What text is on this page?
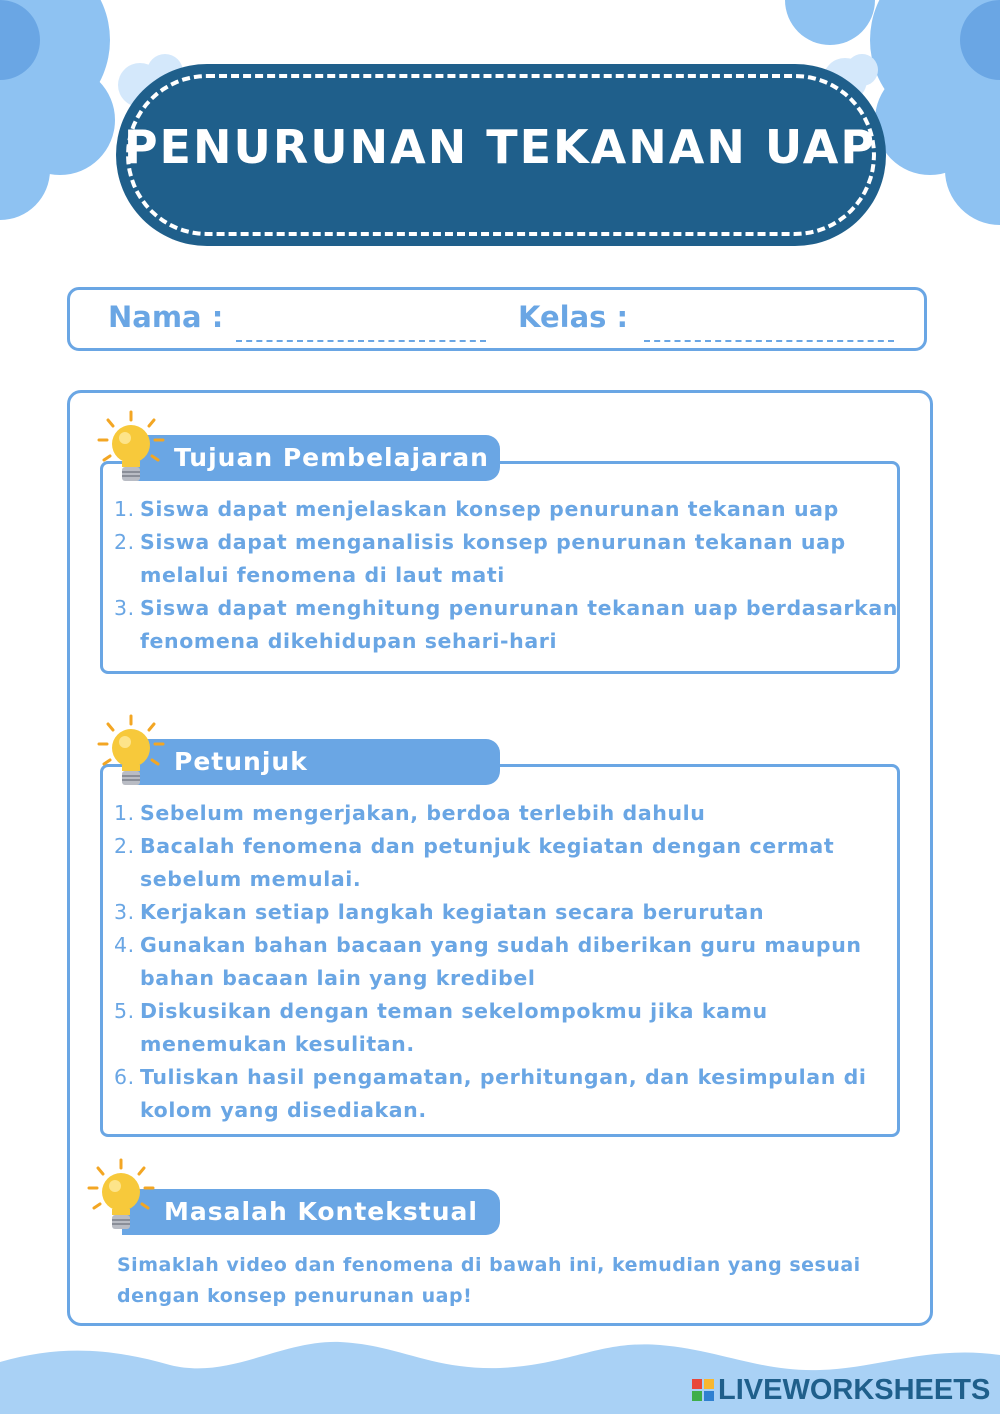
PENURUNAN TEKANAN UAP
Nama :	Kelas :
Tujuan Pembelajaran
1. Siswa dapat menjelaskan konsep penurunan tekanan uap
2. Siswa dapat menganalisis konsep penurunan tekanan uap melalui fenomena di laut mati
3. Siswa dapat menghitung penurunan tekanan uap berdasarkan fenomena dikehidupan sehari-hari
Petunjuk
1. Sebelum mengerjakan, berdoa terlebih dahulu
2. Bacalah fenomena dan petunjuk kegiatan dengan cermat sebelum memulai.
3. Kerjakan setiap langkah kegiatan secara berurutan
4. Gunakan bahan bacaan yang sudah diberikan guru maupun bahan bacaan lain yang kredibel
5. Diskusikan dengan teman sekelompokmu jika kamu menemukan kesulitan.
6. Tuliskan hasil pengamatan, perhitungan, dan kesimpulan di kolom yang disediakan.
Masalah Kontekstual

Simaklah video dan fenomena di bawah ini, kemudian yang sesuai dengan konsep penurunan uap!

LIVEWORKSHEETS
